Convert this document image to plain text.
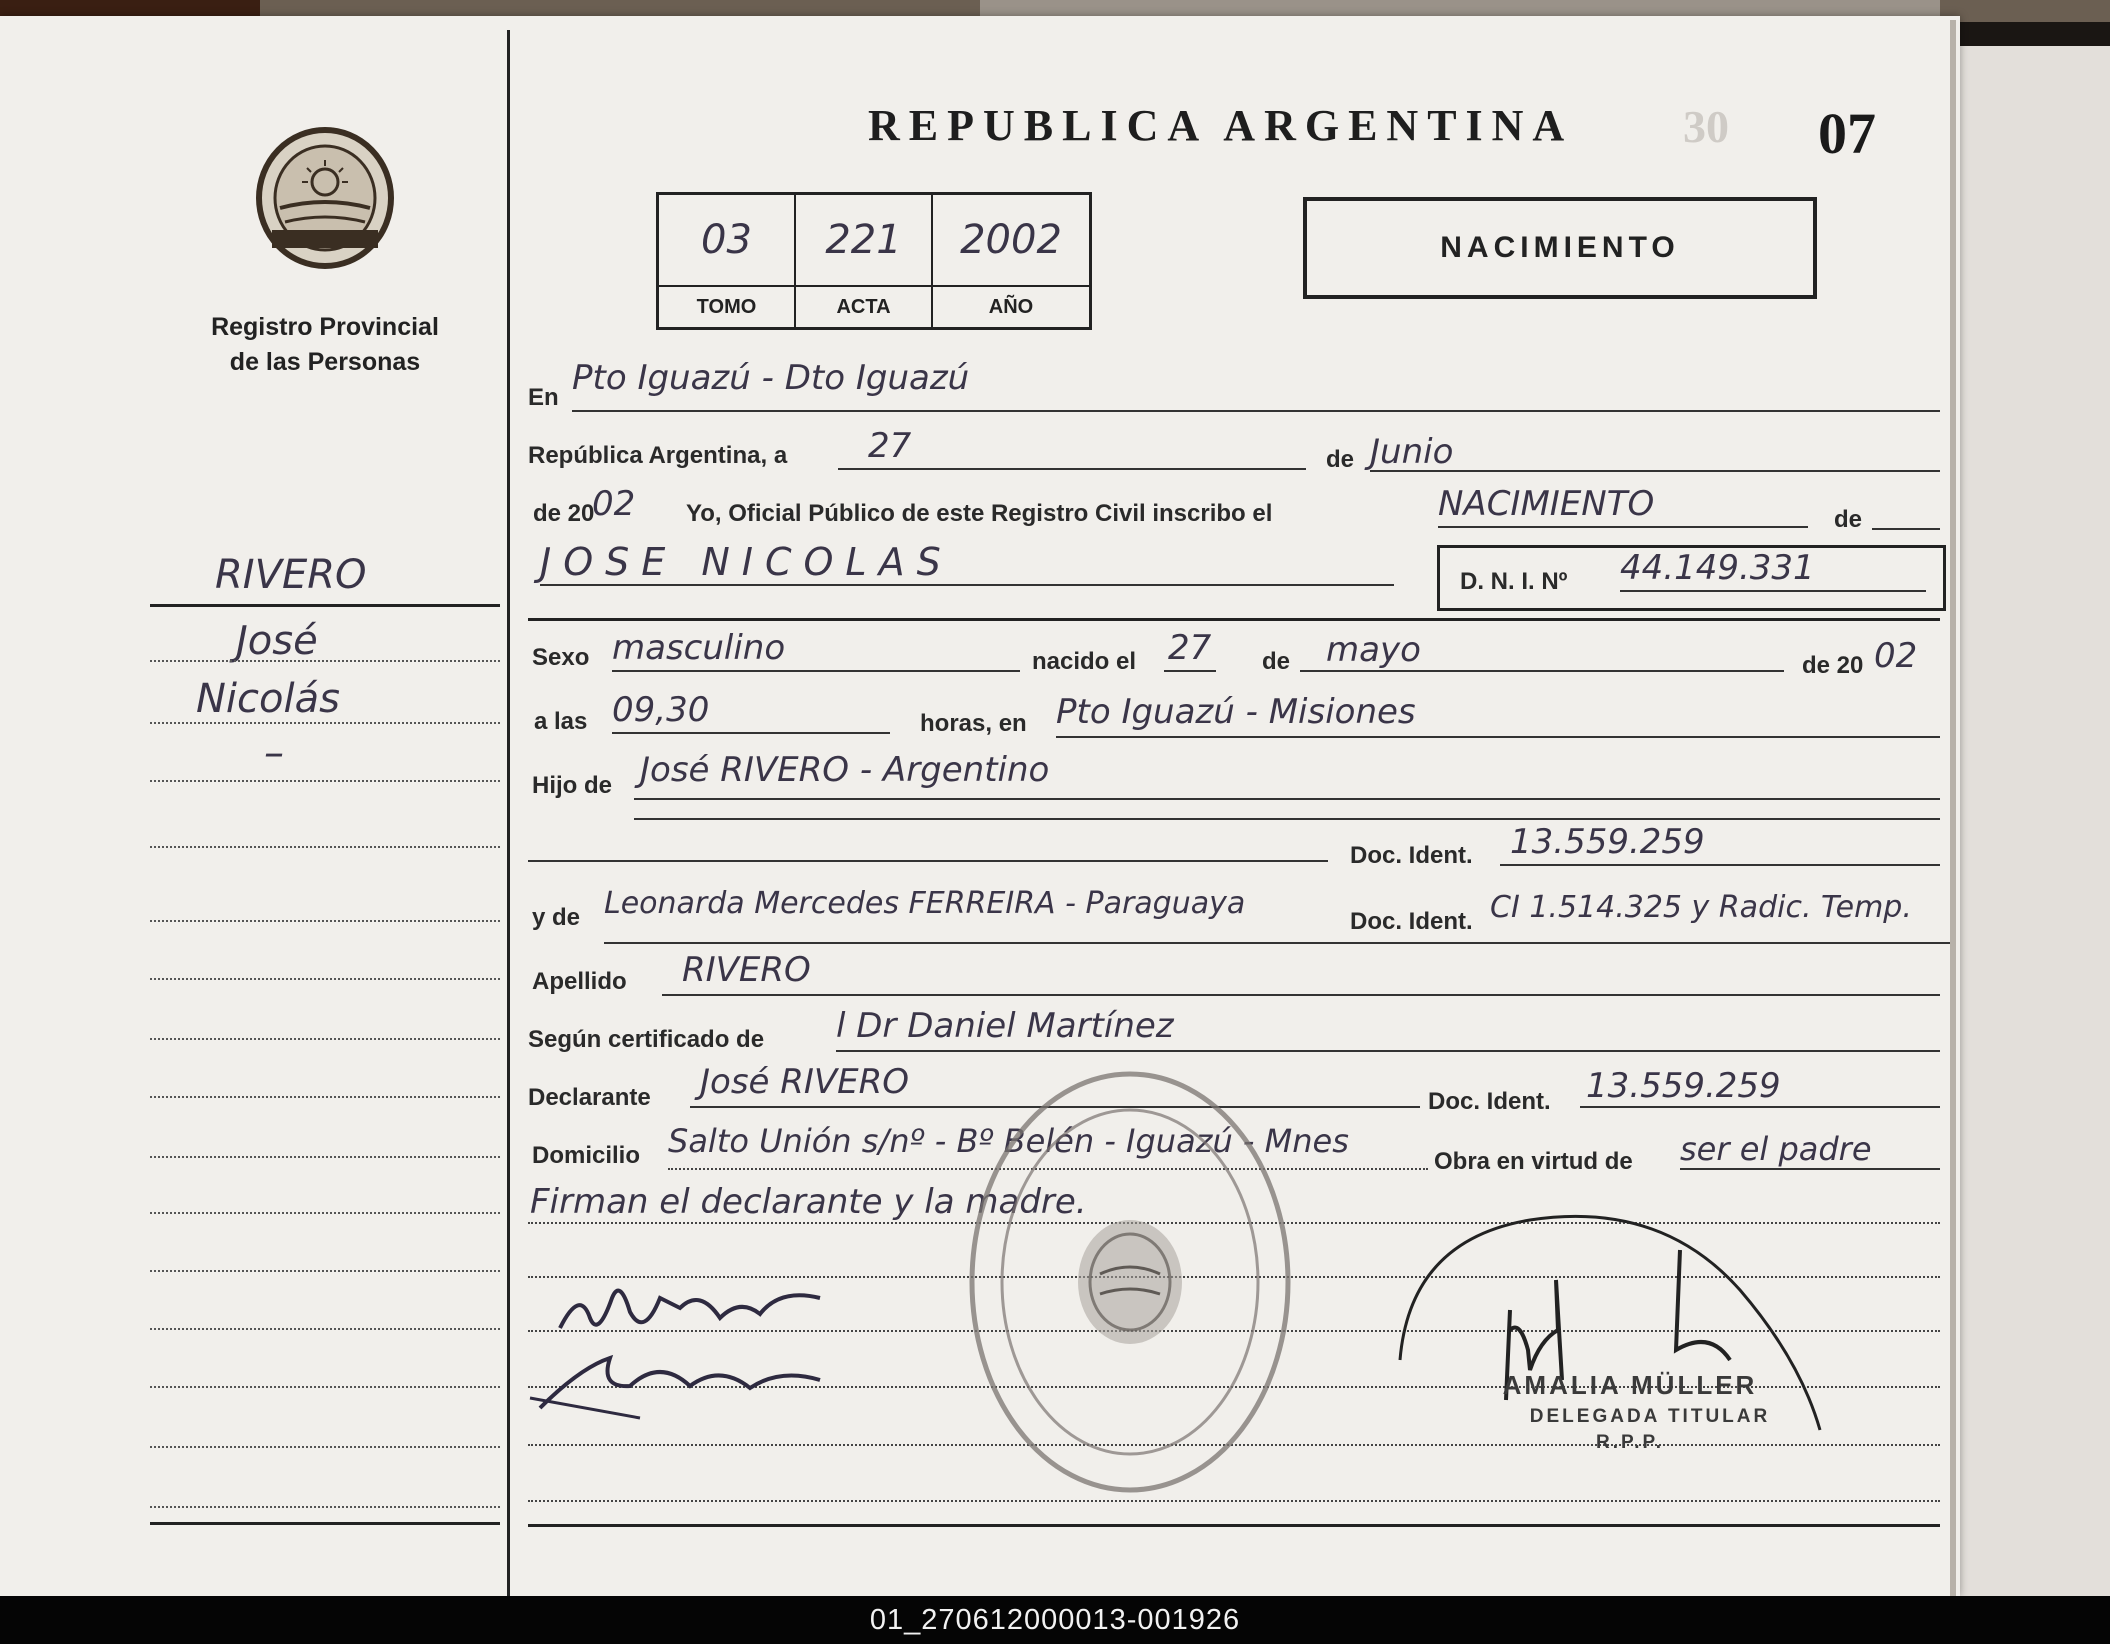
Registro Provincial
de las Personas
RIVERO
José
Nicolás
–
REPUBLICA ARGENTINA 30 07
03
TOMO
221
ACTA
2002
AÑO
NACIMIENTO
En Pto Iguazú - Dto Iguazú
República Argentina, a 27	de Junio
de 20
02 Yo, Oficial Público de este Registro Civil inscribo el	NACIMIENTO	de
JOSE NICOLAS	D. N. I. Nº 44.149.331
Sexo masculino	nacido el 27 de mayo	de 20 02
a las 09,30	horas, en Pto Iguazú - Misiones
Hijo de José RIVERO - Argentino
Doc. Ident. 13.559.259
y de Leonarda Mercedes FERREIRA - Paraguaya
Doc. Ident. CI 1.514.325 y Radic. Temp.
Apellido RIVERO
Según certificado de l Dr Daniel Martínez
Declarante José RIVERO	Doc. Ident. 13.559.259
Domicilio Salto Unión s/nº - Bº Belén - Iguazú - Mnes
Obra en virtud de ser el padre
Firman el declarante y la madre.
AMALIA MÜLLER
DELEGADA TITULAR
R.P.P.
01_270612000013-001926
